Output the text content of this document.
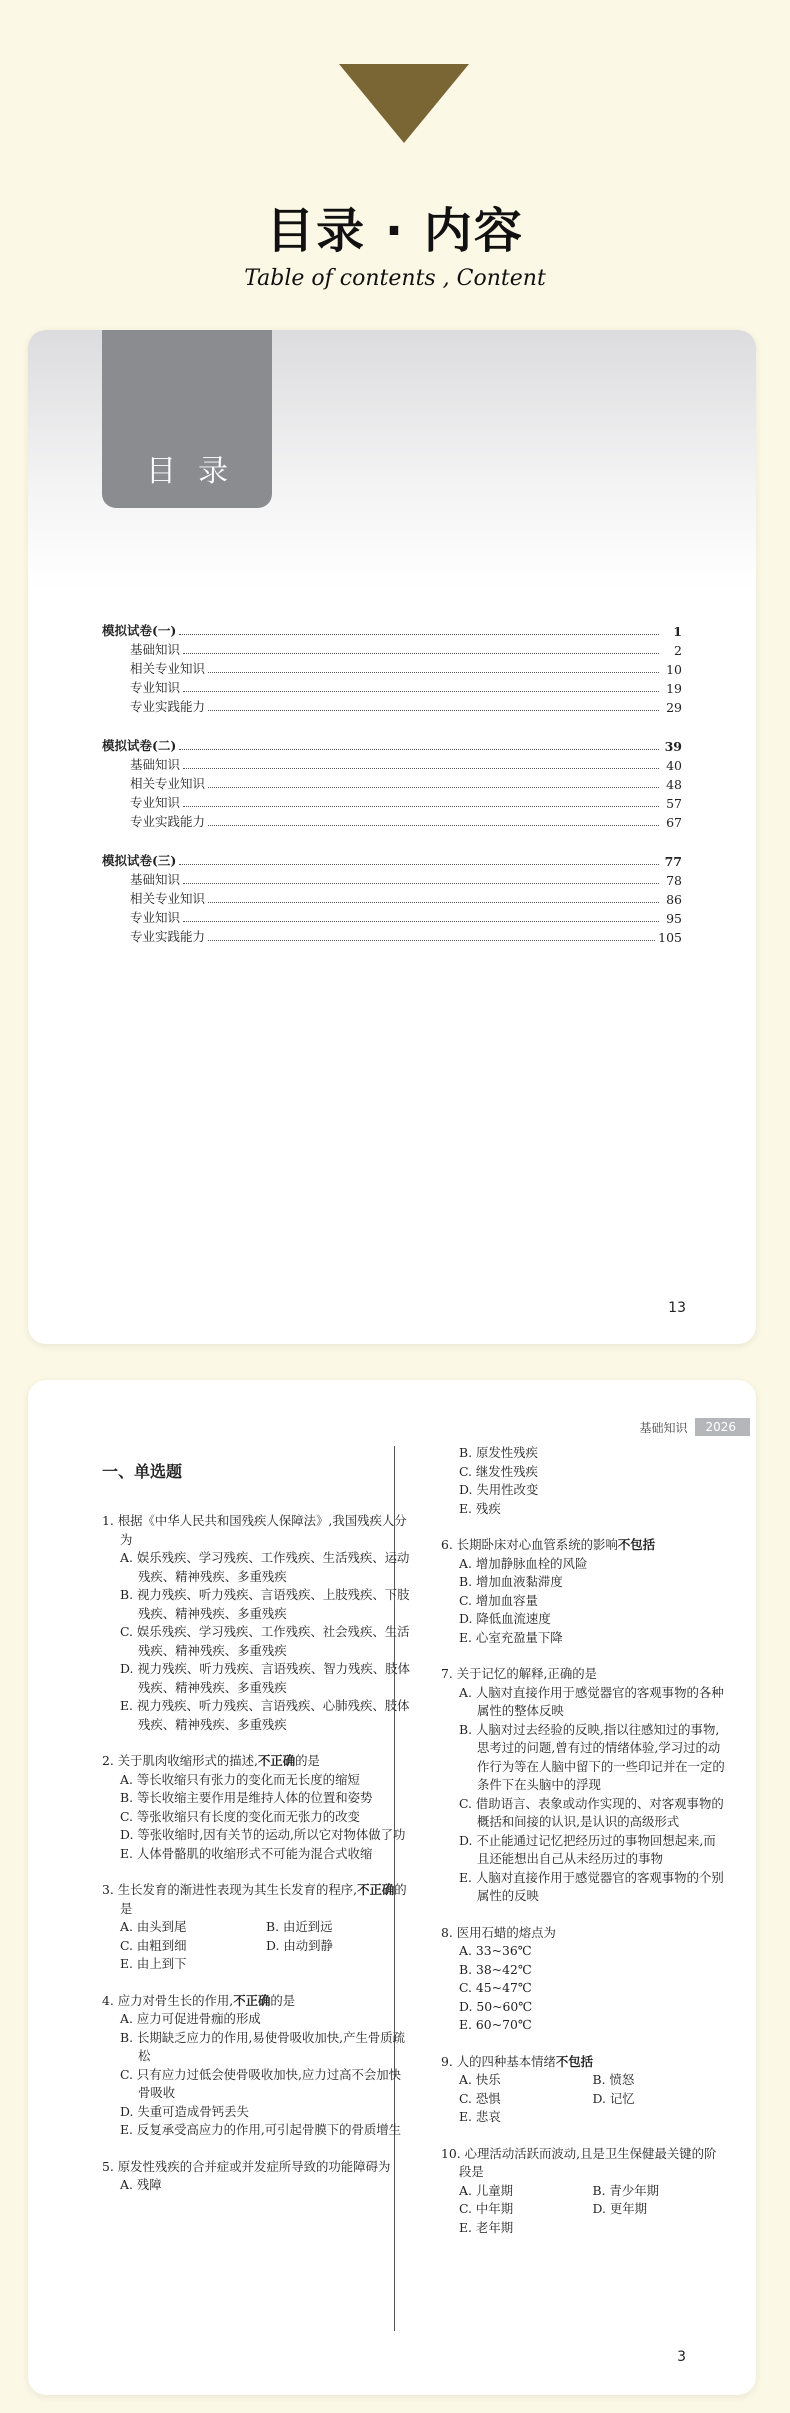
目录 · 内容
Table of contents , Content
目录
模拟试卷(一)	1
基础知识	2
相关专业知识	10
专业知识	19
专业实践能力	29
模拟试卷(二)	39
基础知识	40
相关专业知识	48
专业知识	57
专业实践能力	67
模拟试卷(三)	77
基础知识	78
相关专业知识	86
专业知识	95
专业实践能力	105
13
基础知识	2026
一、单选题
1. 根据《中华人民共和国残疾人保障法》,我国残疾人分为
A. 娱乐残疾、学习残疾、工作残疾、生活残疾、运动残疾、精神残疾、多重残疾
B. 视力残疾、听力残疾、言语残疾、上肢残疾、下肢残疾、精神残疾、多重残疾
C. 娱乐残疾、学习残疾、工作残疾、社会残疾、生活残疾、精神残疾、多重残疾
D. 视力残疾、听力残疾、言语残疾、智力残疾、肢体残疾、精神残疾、多重残疾
E. 视力残疾、听力残疾、言语残疾、心肺残疾、肢体残疾、精神残疾、多重残疾
2. 关于肌肉收缩形式的描述,不正确的是
A. 等长收缩只有张力的变化而无长度的缩短
B. 等长收缩主要作用是维持人体的位置和姿势
C. 等张收缩只有长度的变化而无张力的改变
D. 等张收缩时,因有关节的运动,所以它对物体做了功
E. 人体骨骼肌的收缩形式不可能为混合式收缩
3. 生长发育的渐进性表现为其生长发育的程序,不正确的是
A. 由头到尾	B. 由近到远
C. 由粗到细	D. 由动到静
E. 由上到下
4. 应力对骨生长的作用,不正确的是
A. 应力可促进骨痂的形成
B. 长期缺乏应力的作用,易使骨吸收加快,产生骨质疏松
C. 只有应力过低会使骨吸收加快,应力过高不会加快骨吸收
D. 失重可造成骨钙丢失
E. 反复承受高应力的作用,可引起骨膜下的骨质增生
5. 原发性残疾的合并症或并发症所导致的功能障碍为
A. 残障
B. 原发性残疾
C. 继发性残疾
D. 失用性改变
E. 残疾
6. 长期卧床对心血管系统的影响不包括
A. 增加静脉血栓的风险
B. 增加血液黏滞度
C. 增加血容量
D. 降低血流速度
E. 心室充盈量下降
7. 关于记忆的解释,正确的是
A. 人脑对直接作用于感觉器官的客观事物的各种属性的整体反映
B. 人脑对过去经验的反映,指以往感知过的事物,思考过的问题,曾有过的情绪体验,学习过的动作行为等在人脑中留下的一些印记并在一定的条件下在头脑中的浮现
C. 借助语言、表象或动作实现的、对客观事物的概括和间接的认识,是认识的高级形式
D. 不止能通过记忆把经历过的事物回想起来,而且还能想出自己从未经历过的事物
E. 人脑对直接作用于感觉器官的客观事物的个别属性的反映
8. 医用石蜡的熔点为
A. 33~36℃
B. 38~42℃
C. 45~47℃
D. 50~60℃
E. 60~70℃
9. 人的四种基本情绪不包括
A. 快乐	B. 愤怒
C. 恐惧	D. 记忆
E. 悲哀
10. 心理活动活跃而波动,且是卫生保健最关键的阶段是
A. 儿童期	B. 青少年期
C. 中年期	D. 更年期
E. 老年期
3
